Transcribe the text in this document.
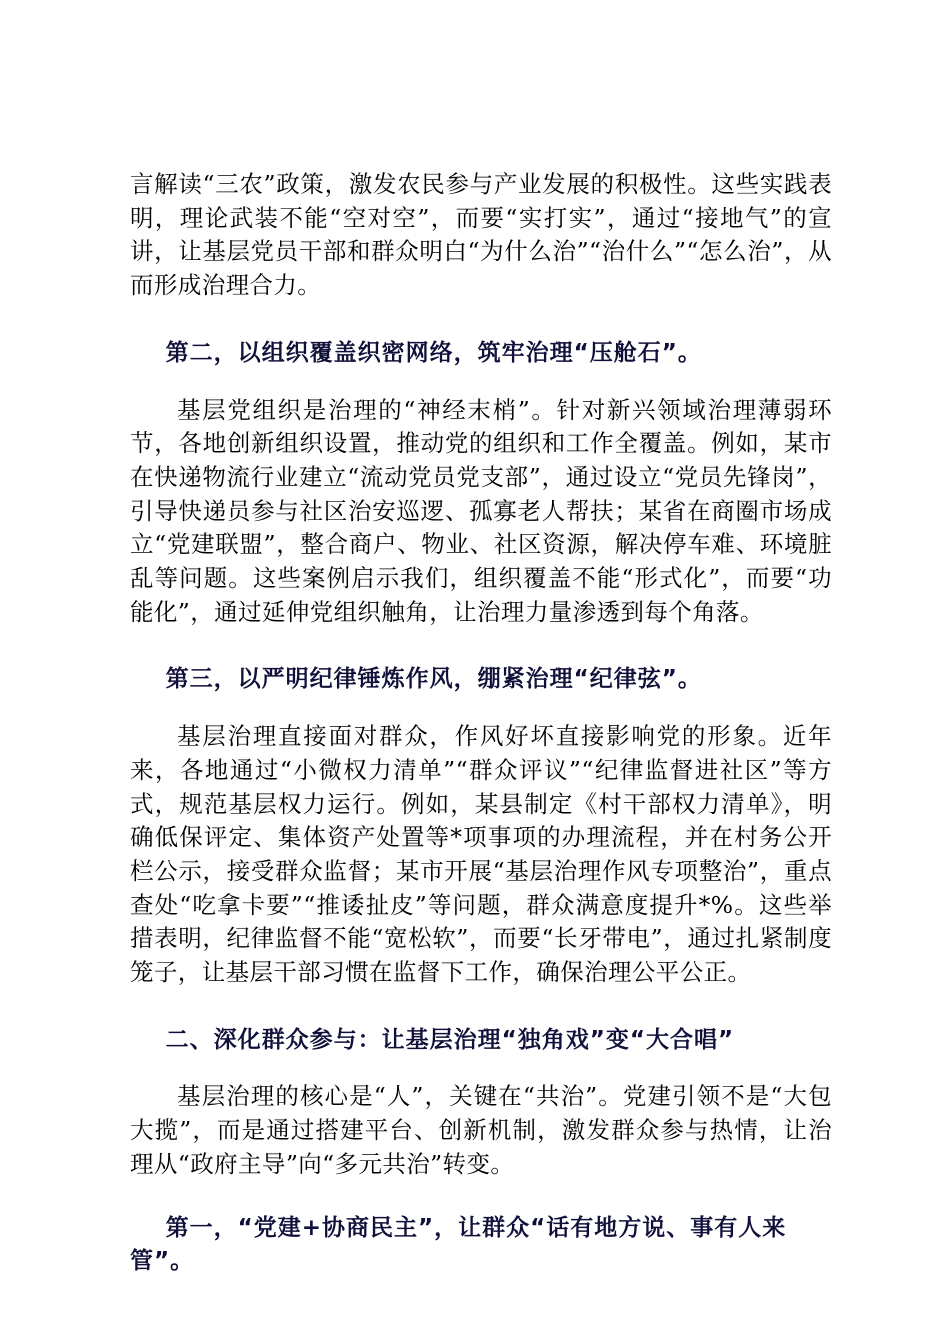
言解读“三农”政策，激发农民参与产业发展的积极性。这些实践表明，理论武装不能“空对空”，而要“实打实”，通过“接地气”的宣讲，让基层党员干部和群众明白“为什么治”“治什么”“怎么治”，从而形成治理合力。

第二，以组织覆盖织密网络，筑牢治理“压舱石”。

基层党组织是治理的“神经末梢”。针对新兴领域治理薄弱环节，各地创新组织设置，推动党的组织和工作全覆盖。例如，某市在快递物流行业建立“流动党员党支部”，通过设立“党员先锋岗”，引导快递员参与社区治安巡逻、孤寡老人帮扶；某省在商圈市场成立“党建联盟”，整合商户、物业、社区资源，解决停车难、环境脏乱等问题。这些案例启示我们，组织覆盖不能“形式化”，而要“功能化”，通过延伸党组织触角，让治理力量渗透到每个角落。

第三，以严明纪律锤炼作风，绷紧治理“纪律弦”。

基层治理直接面对群众，作风好坏直接影响党的形象。近年来，各地通过“小微权力清单”“群众评议”“纪律监督进社区”等方式，规范基层权力运行。例如，某县制定《村干部权力清单》，明确低保评定、集体资产处置等*项事项的办理流程，并在村务公开栏公示，接受群众监督；某市开展“基层治理作风专项整治”，重点查处“吃拿卡要”“推诿扯皮”等问题，群众满意度提升*%。这些举措表明，纪律监督不能“宽松软”，而要“长牙带电”，通过扎紧制度笼子，让基层干部习惯在监督下工作，确保治理公平公正。

二、深化群众参与：让基层治理“独角戏”变“大合唱”

基层治理的核心是“人”，关键在“共治”。党建引领不是“大包大揽”，而是通过搭建平台、创新机制，激发群众参与热情，让治理从“政府主导”向“多元共治”转变。

第一，“党建+协商民主”，让群众“话有地方说、事有人来管”。
